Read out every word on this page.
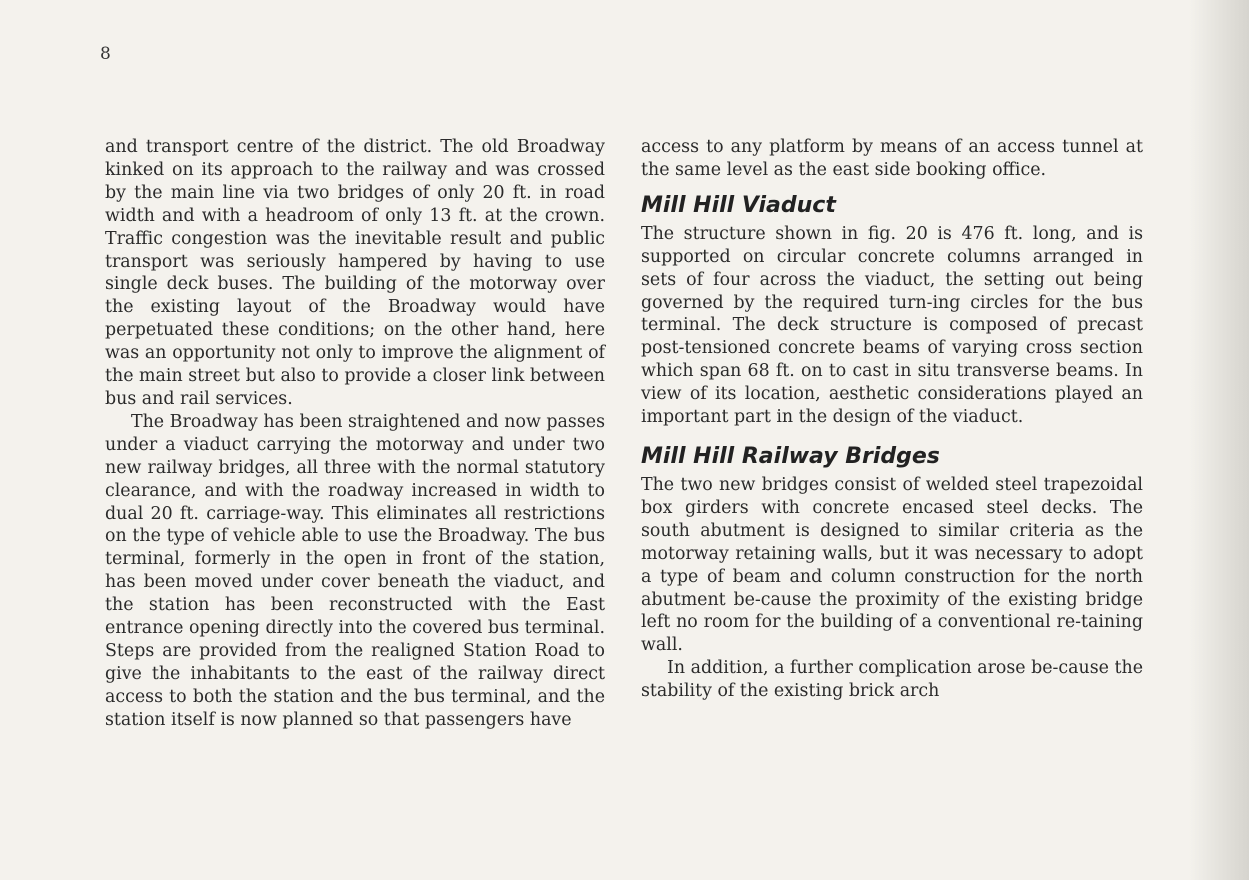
8

and transport centre of the district. The old Broadway kinked on its approach to the railway and was crossed by the main line via two bridges of only 20 ft. in road width and with a headroom of only 13 ft. at the crown. Traffic congestion was the inevitable result and public transport was seriously hampered by having to use single deck buses. The building of the motorway over the existing layout of the Broadway would have perpetuated these conditions; on the other hand, here was an opportunity not only to improve the alignment of the main street but also to provide a closer link between bus and rail services.

The Broadway has been straightened and now passes under a viaduct carrying the motorway and under two new railway bridges, all three with the normal statutory clearance, and with the roadway increased in width to dual 20 ft. carriage-way. This eliminates all restrictions on the type of vehicle able to use the Broadway. The bus terminal, formerly in the open in front of the station, has been moved under cover beneath the viaduct, and the station has been reconstructed with the East entrance opening directly into the covered bus terminal. Steps are provided from the realigned Station Road to give the inhabitants to the east of the railway direct access to both the station and the bus terminal, and the station itself is now planned so that passengers have

access to any platform by means of an access tunnel at the same level as the east side booking office.

Mill Hill Viaduct

The structure shown in fig. 20 is 476 ft. long, and is supported on circular concrete columns arranged in sets of four across the viaduct, the setting out being governed by the required turn-ing circles for the bus terminal. The deck structure is composed of precast post-tensioned concrete beams of varying cross section which span 68 ft. on to cast in situ transverse beams. In view of its location, aesthetic considerations played an important part in the design of the viaduct.

Mill Hill Railway Bridges

The two new bridges consist of welded steel trapezoidal box girders with concrete encased steel decks. The south abutment is designed to similar criteria as the motorway retaining walls, but it was necessary to adopt a type of beam and column construction for the north abutment be-cause the proximity of the existing bridge left no room for the building of a conventional re-taining wall.

In addition, a further complication arose be-cause the stability of the existing brick arch
